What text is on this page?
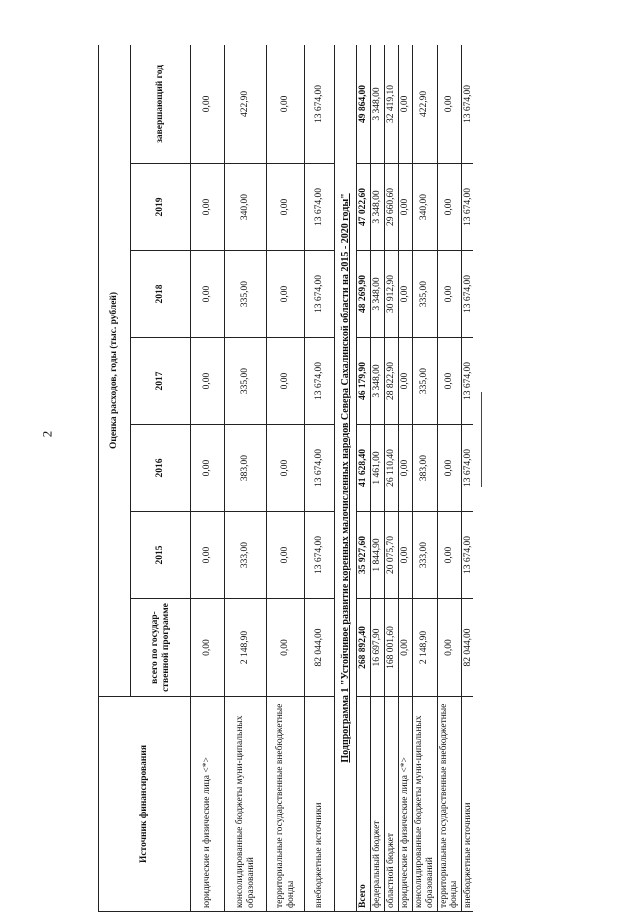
2
Источник финансирования	Оценка расходов, годы (тыс. рублей)						
	всего по государ-ственной программе	2015	2016	2017	2018	2019	завершающий год
юридические и физические лица <*>	0,00	0,00	0,00	0,00	0,00	0,00	0,00
консолидированные бюджеты муни-ципальных образований	2 148,90	333,00	383,00	335,00	335,00	340,00	422,90
территориальные государственные внебюджетные фонды	0,00	0,00	0,00	0,00	0,00	0,00	0,00
внебюджетные источники	82 044,00	13 674,00	13 674,00	13 674,00	13 674,00	13 674,00	13 674,00
Подпрограмма 1 "Устойчивое развитие коренных малочисленных народов Севера Сахалинской области на 2015 - 2020 годы"							
Всего	268 892,40	35 927,60	41 628,40	46 179,90	48 269,90	47 022,60	49 864,00
федеральный бюджет	16 697,90	1 844,90	1 461,00	3 348,00	3 348,00	3 348,00	3 348,00
областной бюджет	168 001,60	20 075,70	26 110,40	28 822,90	30 912,90	29 660,60	32 419,10
юридические и физические лица <*>	0,00	0,00	0,00	0,00	0,00	0,00	0,00
консолидированные бюджеты муни-ципальных образований	2 148,90	333,00	383,00	335,00	335,00	340,00	422,90
территориальные государственные внебюджетные фонды	0,00	0,00	0,00	0,00	0,00	0,00	0,00
внебюджетные источники	82 044,00	13 674,00	13 674,00	13 674,00	13 674,00	13 674,00	13 674,00
